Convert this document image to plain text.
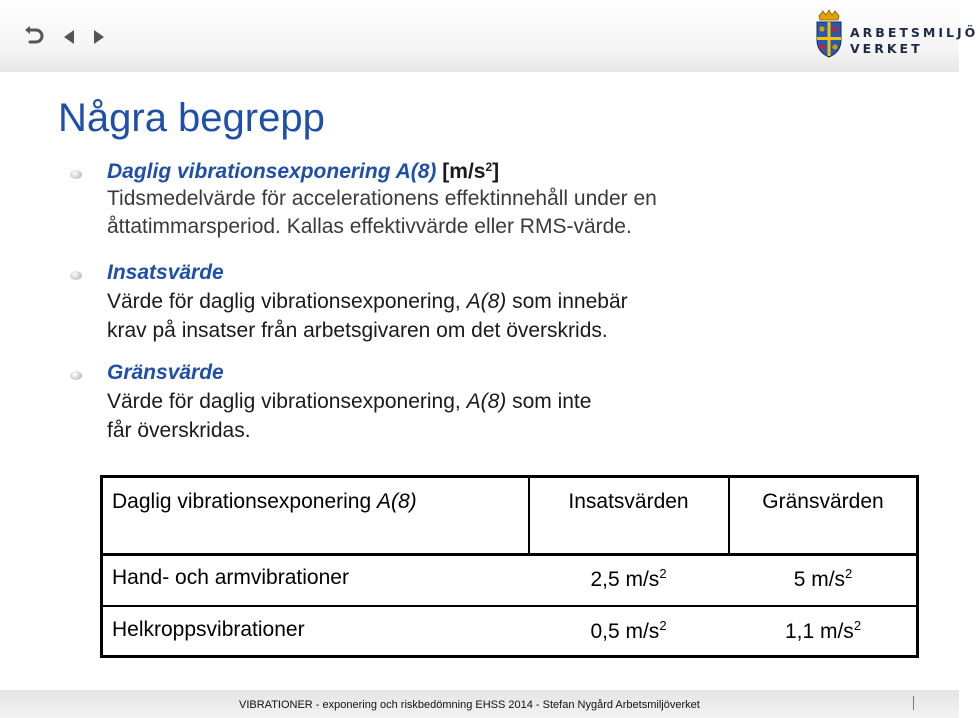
ARBETSMILJÖ
VERKET
Några begrepp
Daglig vibrationsexponering A(8) $[m/s^2]$
Tidsmedelvärde för accelerationens effektinnehåll under en
åttatimmarsperiod. Kallas effektivvärde eller RMS-värde.
Insatsvärde
Värde för daglig vibrationsexponering, A(8) som innebär
krav på insatser från arbetsgivaren om det överskrids.
Gränsvärde
Värde för daglig vibrationsexponering, A(8) som inte
får överskridas.
Daglig vibrationsexponering A(8)	Insatsvärden	Gränsvärden
Hand- och armvibrationer	2,5 $m/s^2$	5 $m/s^2$
Helkroppsvibrationer	0,5 $m/s^2$	1,1 $m/s^2$
VIBRATIONER - exponering och riskbedömning EHSS 2014 - Stefan Nygård Arbetsmiljöverket
